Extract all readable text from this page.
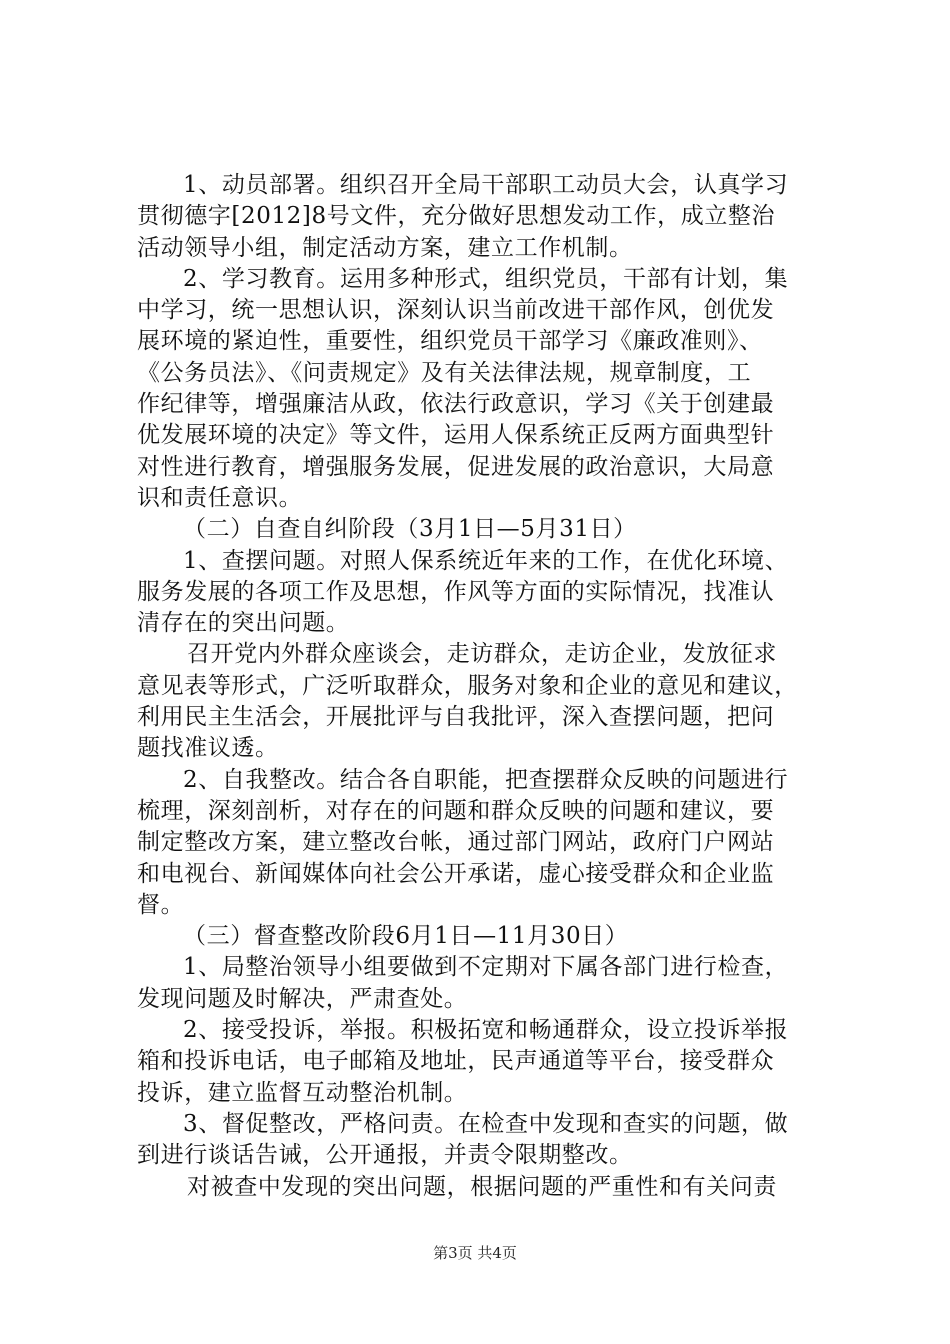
1、动员部署。组织召开全局干部职工动员大会，认真学习
贯彻德字[2012]8号文件，充分做好思想发动工作，成立整治
活动领导小组，制定活动方案，建立工作机制。
2、学习教育。运用多种形式，组织党员，干部有计划，集
中学习，统一思想认识，深刻认识当前改进干部作风，创优发
展环境的紧迫性，重要性，组织党员干部学习《廉政准则》、
《公务员法》、《问责规定》及有关法律法规，规章制度，工
作纪律等，增强廉洁从政，依法行政意识，学习《关于创建最
优发展环境的决定》等文件，运用人保系统正反两方面典型针
对性进行教育，增强服务发展，促进发展的政治意识，大局意
识和责任意识。
（二）自查自纠阶段（3月1日—5月31日）
1、查摆问题。对照人保系统近年来的工作，在优化环境、
服务发展的各项工作及思想，作风等方面的实际情况，找准认
清存在的突出问题。
召开党内外群众座谈会，走访群众，走访企业，发放征求
意见表等形式，广泛听取群众，服务对象和企业的意见和建议，
利用民主生活会，开展批评与自我批评，深入查摆问题，把问
题找准议透。
2、自我整改。结合各自职能，把查摆群众反映的问题进行
梳理，深刻剖析，对存在的问题和群众反映的问题和建议，要
制定整改方案，建立整改台帐，通过部门网站，政府门户网站
和电视台、新闻媒体向社会公开承诺，虚心接受群众和企业监
督。
（三）督查整改阶段6月1日—11月30日）
1、局整治领导小组要做到不定期对下属各部门进行检查，
发现问题及时解决，严肃查处。
2、接受投诉，举报。积极拓宽和畅通群众，设立投诉举报
箱和投诉电话，电子邮箱及地址，民声通道等平台，接受群众
投诉，建立监督互动整治机制。
3、督促整改，严格问责。在检查中发现和查实的问题，做
到进行谈话告诫，公开通报，并责令限期整改。
对被查中发现的突出问题，根据问题的严重性和有关问责
第3页 共4页
